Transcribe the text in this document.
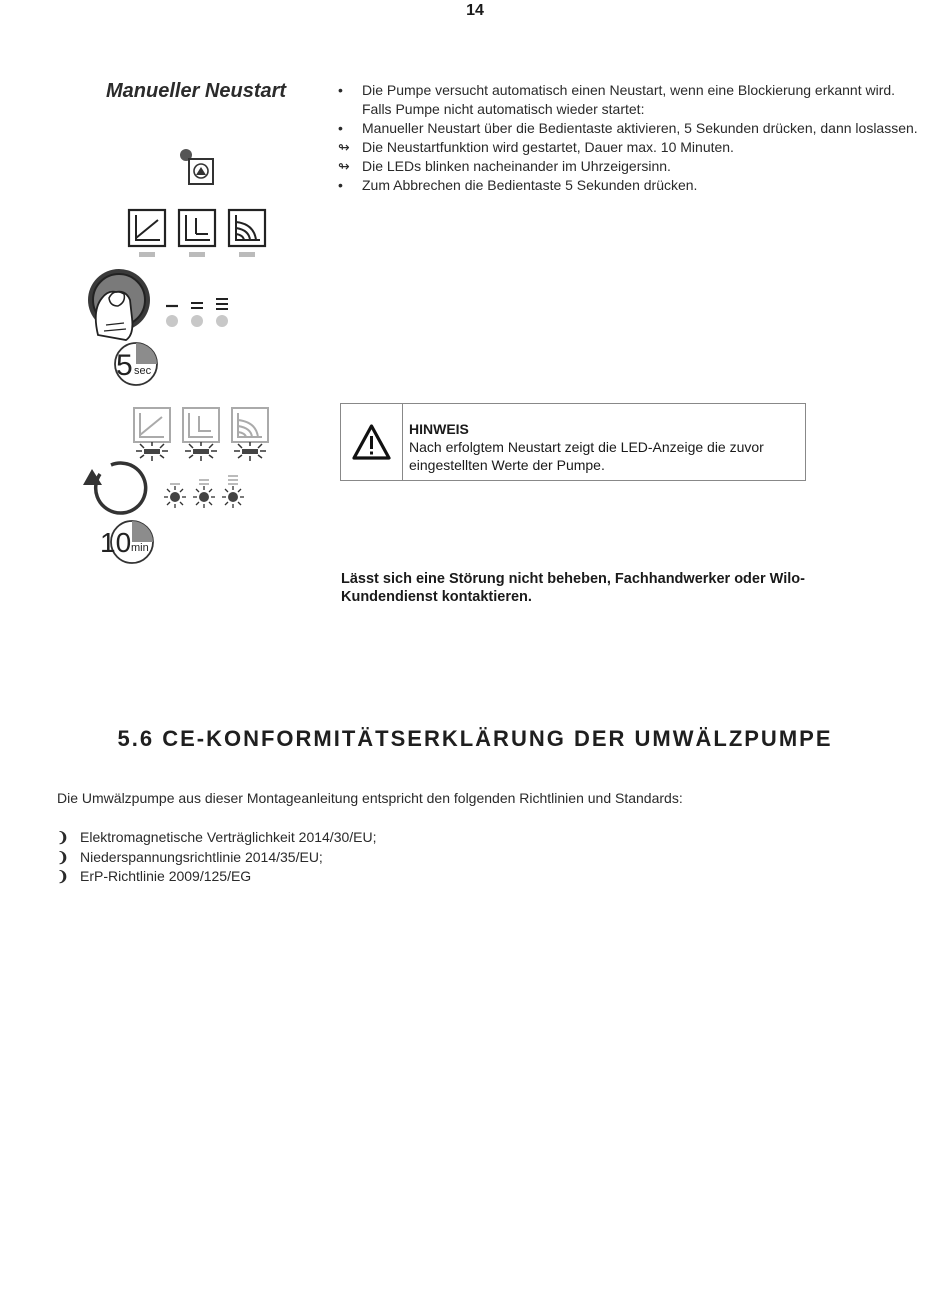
14
Manueller Neustart	•	Die Pumpe versucht automatisch einen Neustart, wenn eine Blockierung erkannt wird. Falls Pumpe nicht automatisch wieder startet:
•	Manueller Neustart über die Bedientaste aktivieren, 5 Sekunden drücken, dann loslassen.
↬ Die Neustartfunktion wird gestartet, Dauer max. 10 Minuten.
↬ Die LEDs blinken nacheinander im Uhrzeigersinn.
•	Zum Abbrechen die Bedientaste 5 Sekunden drücken.
5 sec
10 min
HINWEIS
Nach erfolgtem Neustart zeigt die LED-Anzeige die zuvor eingestellten Werte der Pumpe.
Lässt sich eine Störung nicht beheben, Fachhandwerker oder Wilo-Kundendienst kontaktieren.
5.6 CE-KONFORMITÄTSERKLÄRUNG DER UMWÄLZPUMPE
Die Umwälzpumpe aus dieser Montageanleitung entspricht den folgenden Richtlinien und Standards:
❩ Elektromagnetische Verträglichkeit 2014/30/EU;
❩ Niederspannungsrichtlinie 2014/35/EU;
❩ ErP-Richtlinie 2009/125/EG
